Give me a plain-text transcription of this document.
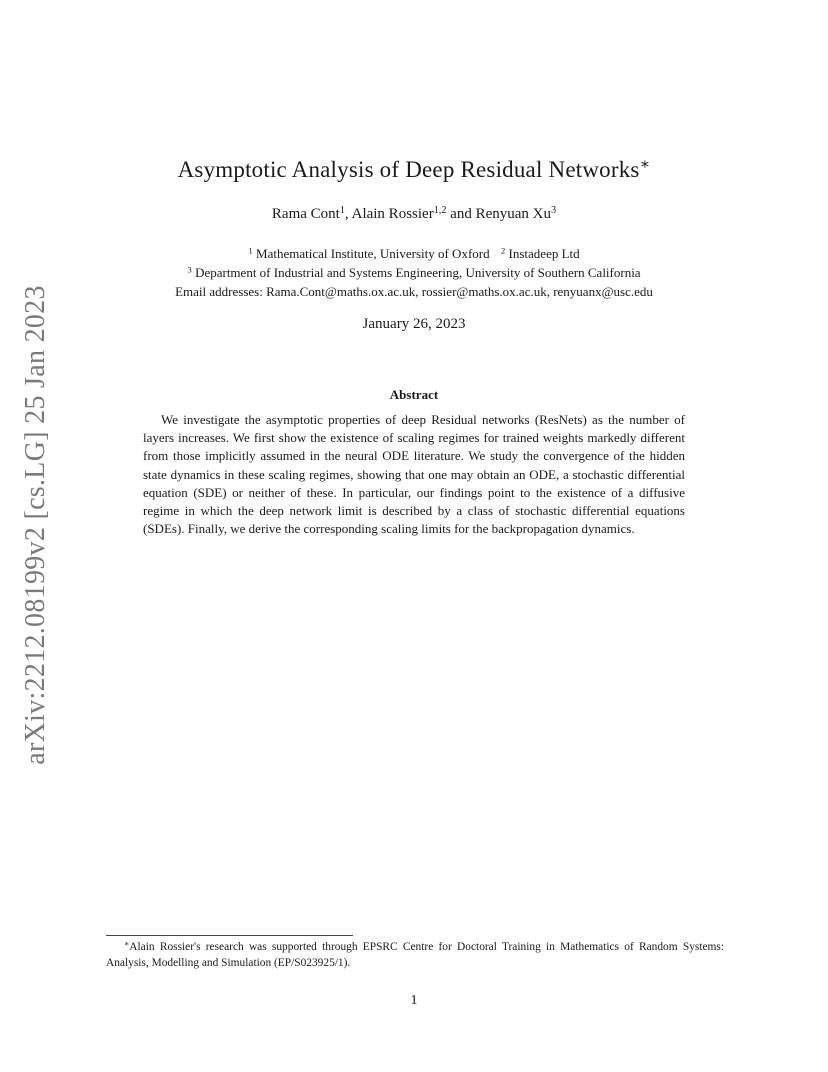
arXiv:2212.08199v2 [cs.LG] 25 Jan 2023
Asymptotic Analysis of Deep Residual Networks∗
Rama Cont$^1$, Alain Rossier$^{1,2}$ and Renyuan Xu$^3$
$^1$ Mathematical Institute, University of Oxford $^2$ Instadeep Ltd
$^3$ Department of Industrial and Systems Engineering, University of Southern California
Email addresses: Rama.Cont@maths.ox.ac.uk, rossier@maths.ox.ac.uk, renyuanx@usc.edu
January 26, 2023
Abstract

We investigate the asymptotic properties of deep Residual networks (ResNets) as the number of layers increases. We first show the existence of scaling regimes for trained weights markedly different from those implicitly assumed in the neural ODE literature. We study the convergence of the hidden state dynamics in these scaling regimes, showing that one may obtain an ODE, a stochastic differential equation (SDE) or neither of these. In particular, our findings point to the existence of a diffusive regime in which the deep network limit is described by a class of stochastic differential equations (SDEs). Finally, we derive the corresponding scaling limits for the backpropagation dynamics.

∗Alain Rossier's research was supported through EPSRC Centre for Doctoral Training in Mathematics of Random Systems: Analysis, Modelling and Simulation (EP/S023925/1).

1
